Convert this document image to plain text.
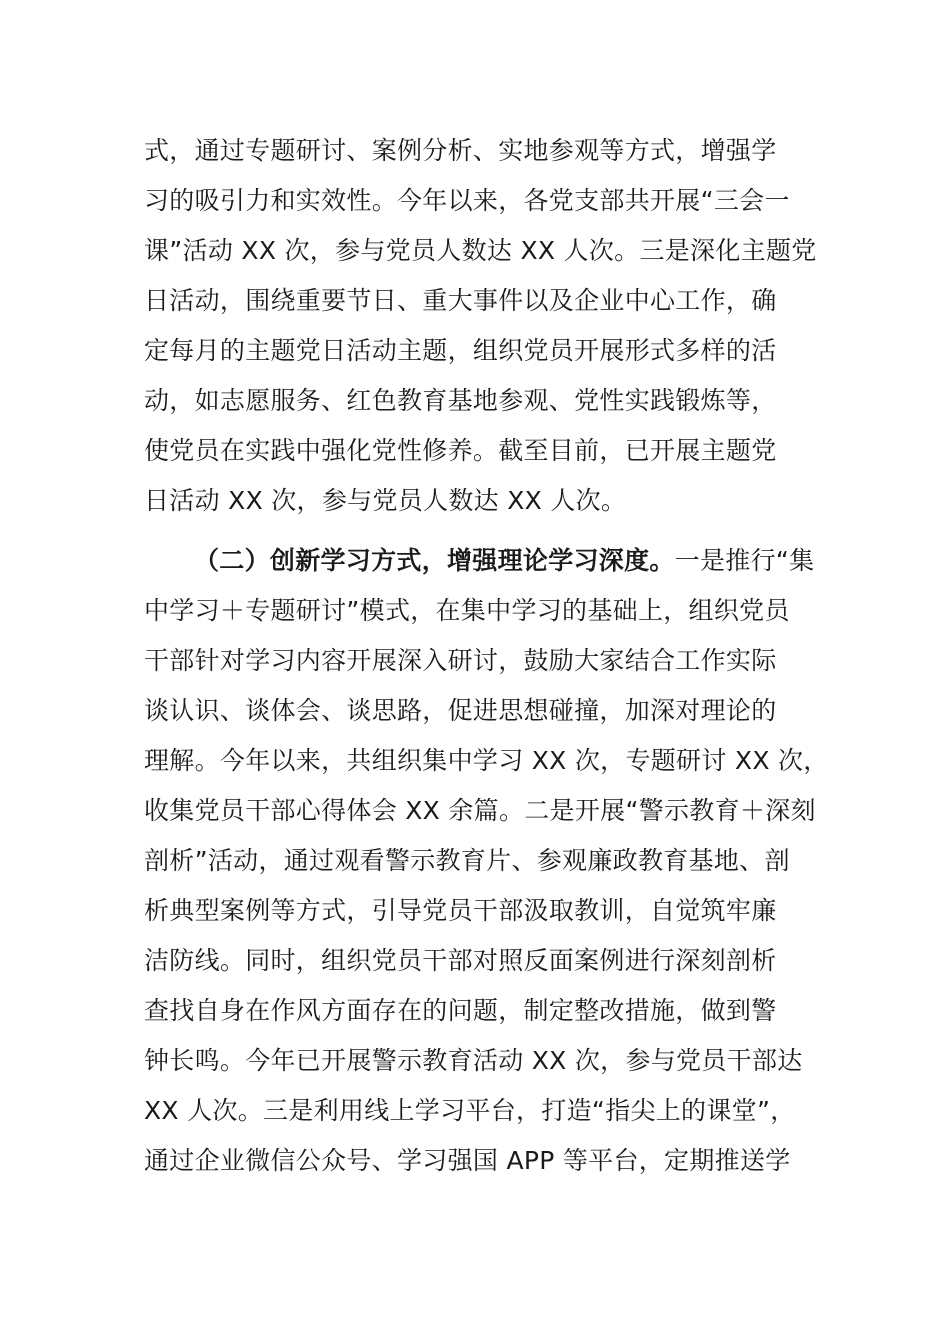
式，通过专题研讨、案例分析、实地参观等方式，增强学
习的吸引力和实效性。今年以来，各党支部共开展“三会一
课”活动 XX 次，参与党员人数达 XX 人次。三是深化主题党
日活动，围绕重要节日、重大事件以及企业中心工作，确
定每月的主题党日活动主题，组织党员开展形式多样的活
动，如志愿服务、红色教育基地参观、党性实践锻炼等，
使党员在实践中强化党性修养。截至目前，已开展主题党
日活动 XX 次，参与党员人数达 XX 人次。
（二）创新学习方式，增强理论学习深度。一是推行“集
中学习＋专题研讨”模式，在集中学习的基础上，组织党员
干部针对学习内容开展深入研讨，鼓励大家结合工作实际
谈认识、谈体会、谈思路，促进思想碰撞，加深对理论的
理解。今年以来，共组织集中学习 XX 次，专题研讨 XX 次，
收集党员干部心得体会 XX 余篇。二是开展“警示教育＋深刻
剖析”活动，通过观看警示教育片、参观廉政教育基地、剖
析典型案例等方式，引导党员干部汲取教训，自觉筑牢廉
洁防线。同时，组织党员干部对照反面案例进行深刻剖析
查找自身在作风方面存在的问题，制定整改措施，做到警
钟长鸣。今年已开展警示教育活动 XX 次，参与党员干部达
XX 人次。三是利用线上学习平台，打造“指尖上的课堂”，
通过企业微信公众号、学习强国 APP 等平台，定期推送学
